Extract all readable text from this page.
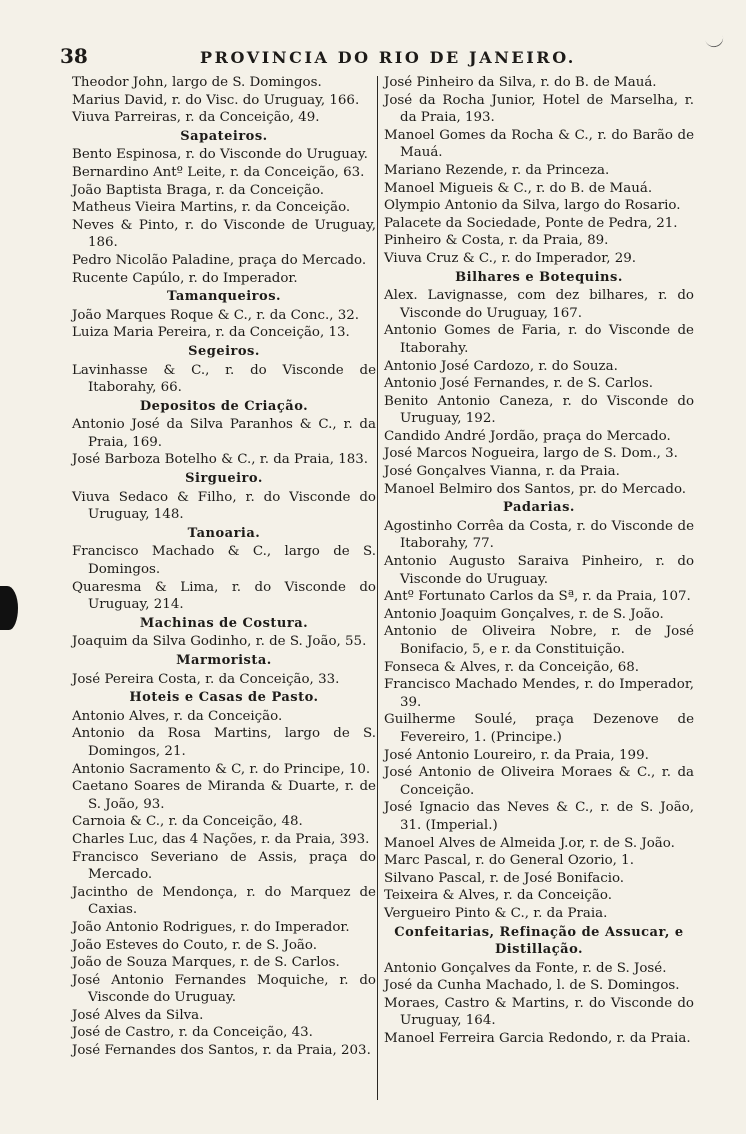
38	PROVINCIA DO RIO DE JANEIRO.
Theodor John, largo de S. Domingos.
Marius David, r. do Visc. do Uruguay, 166.
Viuva Parreiras, r. da Conceição, 49.
Sapateiros.
Bento Espinosa, r. do Visconde do Uruguay.
Bernardino Antº Leite, r. da Conceição, 63.
João Baptista Braga, r. da Conceição.
Matheus Vieira Martins, r. da Conceição.
Neves & Pinto, r. do Visconde de Uruguay, 186.
Pedro Nicolão Paladine, praça do Mercado.
Rucente Capúlo, r. do Imperador.
Tamanqueiros.
João Marques Roque & C., r. da Conc., 32.
Luiza Maria Pereira, r. da Conceição, 13.
Segeiros.
Lavinhasse & C., r. do Visconde de Itaborahy, 66.
Depositos de Criação.
Antonio José da Silva Paranhos & C., r. da Praia, 169.
José Barboza Botelho & C., r. da Praia, 183.
Sirgueiro.
Viuva Sedaco & Filho, r. do Visconde do Uruguay, 148.
Tanoaria.
Francisco Machado & C., largo de S. Domingos.
Quaresma & Lima, r. do Visconde do Uruguay, 214.
Machinas de Costura.
Joaquim da Silva Godinho, r. de S. João, 55.
Marmorista.
José Pereira Costa, r. da Conceição, 33.
Hoteis e Casas de Pasto.
Antonio Alves, r. da Conceição.
Antonio da Rosa Martins, largo de S. Domingos, 21.
Antonio Sacramento & C, r. do Principe, 10.
Caetano Soares de Miranda & Duarte, r. de S. João, 93.
Carnoia & C., r. da Conceição, 48.
Charles Luc, das 4 Nações, r. da Praia, 393.
Francisco Severiano de Assis, praça do Mercado.
Jacintho de Mendonça, r. do Marquez de Caxias.
João Antonio Rodrigues, r. do Imperador.
João Esteves do Couto, r. de S. João.
João de Souza Marques, r. de S. Carlos.
José Antonio Fernandes Moquiche, r. do Visconde do Uruguay.
José Alves da Silva.
José de Castro, r. da Conceição, 43.
José Fernandes dos Santos, r. da Praia, 203.
José Pinheiro da Silva, r. do B. de Mauá.
José da Rocha Junior, Hotel de Marselha, r. da Praia, 193.
Manoel Gomes da Rocha & C., r. do Barão de Mauá.
Mariano Rezende, r. da Princeza.
Manoel Migueis & C., r. do B. de Mauá.
Olympio Antonio da Silva, largo do Rosario.
Palacete da Sociedade, Ponte de Pedra, 21.
Pinheiro & Costa, r. da Praia, 89.
Viuva Cruz & C., r. do Imperador, 29.
Bilhares e Botequins.
Alex. Lavignasse, com dez bilhares, r. do Visconde do Uruguay, 167.
Antonio Gomes de Faria, r. do Visconde de Itaborahy.
Antonio José Cardozo, r. do Souza.
Antonio José Fernandes, r. de S. Carlos.
Benito Antonio Caneza, r. do Visconde do Uruguay, 192.
Candido André Jordão, praça do Mercado.
José Marcos Nogueira, largo de S. Dom., 3.
José Gonçalves Vianna, r. da Praia.
Manoel Belmiro dos Santos, pr. do Mercado.
Padarias.
Agostinho Corrêa da Costa, r. do Visconde de Itaborahy, 77.
Antonio Augusto Saraiva Pinheiro, r. do Visconde do Uruguay.
Antº Fortunato Carlos da Sª, r. da Praia, 107.
Antonio Joaquim Gonçalves, r. de S. João.
Antonio de Oliveira Nobre, r. de José Bonifacio, 5, e r. da Constituição.
Fonseca & Alves, r. da Conceição, 68.
Francisco Machado Mendes, r. do Imperador, 39.
Guilherme Soulé, praça Dezenove de Fevereiro, 1. (Principe.)
José Antonio Loureiro, r. da Praia, 199.
José Antonio de Oliveira Moraes & C., r. da Conceição.
José Ignacio das Neves & C., r. de S. João, 31. (Imperial.)
Manoel Alves de Almeida J.or, r. de S. João.
Marc Pascal, r. do General Ozorio, 1.
Silvano Pascal, r. de José Bonifacio.
Teixeira & Alves, r. da Conceição.
Vergueiro Pinto & C., r. da Praia.
Confeitarias, Refinação de Assucar, e Distillação.
Antonio Gonçalves da Fonte, r. de S. José.
José da Cunha Machado, l. de S. Domingos.
Moraes, Castro & Martins, r. do Visconde do Uruguay, 164.
Manoel Ferreira Garcia Redondo, r. da Praia.
